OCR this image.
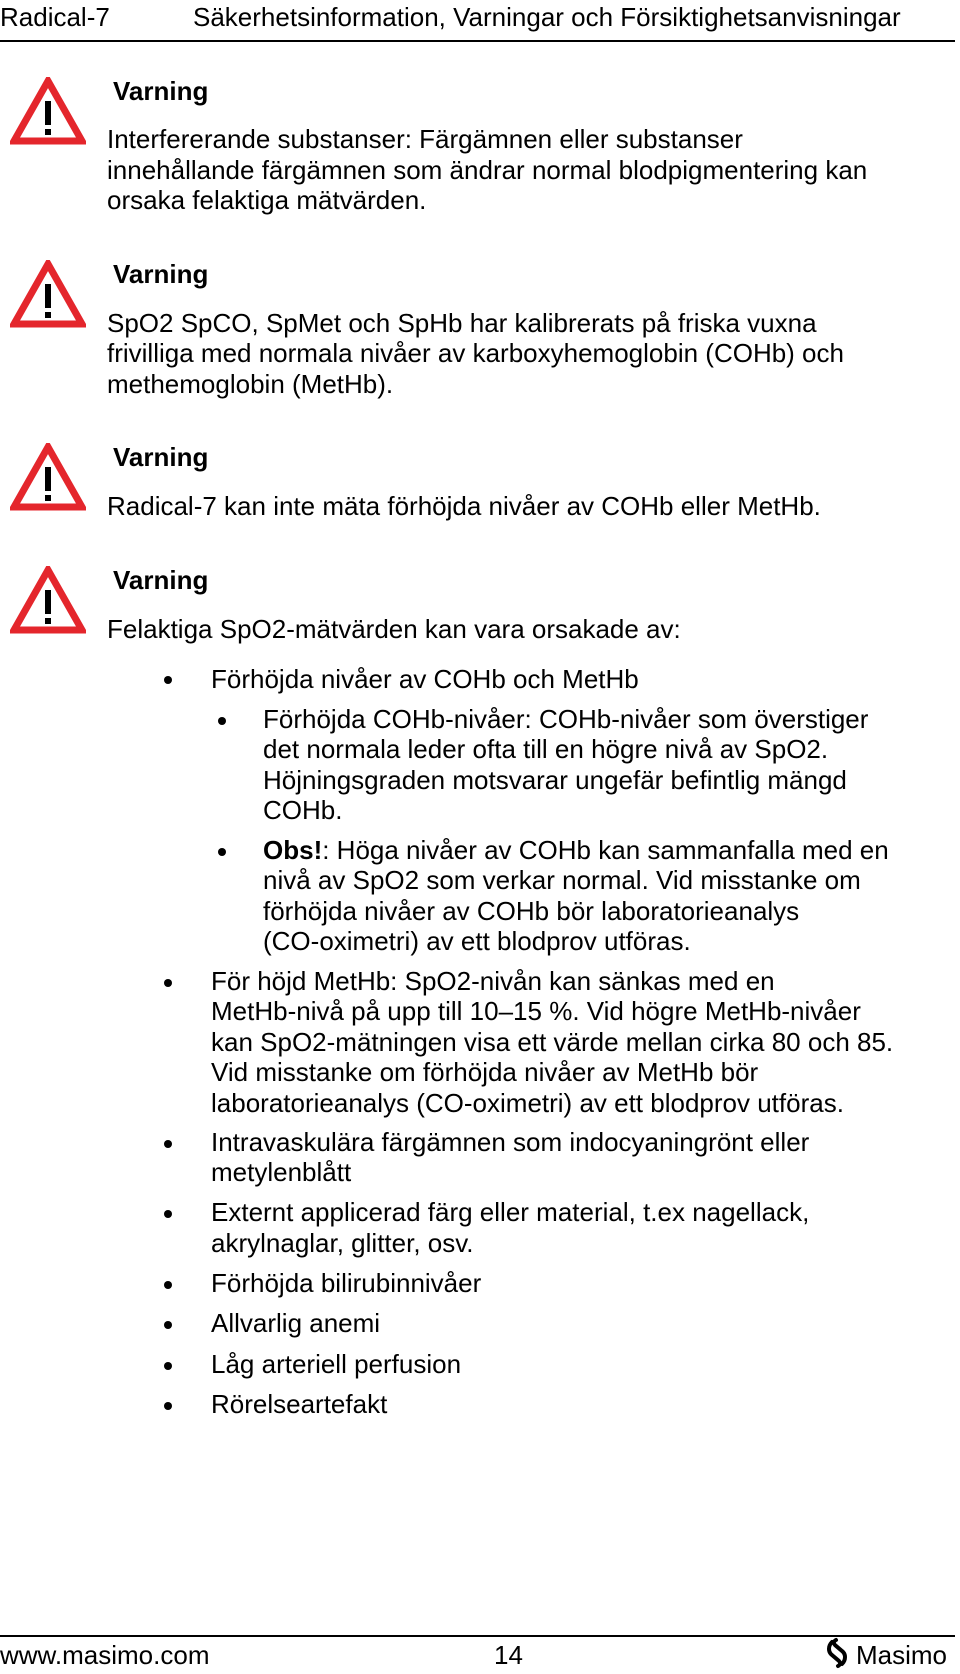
Radical-7	Säkerhetsinformation, Varningar och Försiktighetsanvisningar
Varning
Interfererande substanser: Färgämnen eller substanser
innehållande färgämnen som ändrar normal blodpigmentering kan
orsaka felaktiga mätvärden.
Varning
SpO2 SpCO, SpMet och SpHb har kalibrerats på friska vuxna
frivilliga med normala nivåer av karboxyhemoglobin (COHb) och
methemoglobin (MetHb).
Varning
Radical-7 kan inte mäta förhöjda nivåer av COHb eller MetHb.
Varning
Felaktiga SpO2-mätvärden kan vara orsakade av:
Förhöjda nivåer av COHb och MetHb
Förhöjda COHb-nivåer: COHb-nivåer som överstiger
det normala leder ofta till en högre nivå av SpO2.
Höjningsgraden motsvarar ungefär befintlig mängd
COHb.
Obs!: Höga nivåer av COHb kan sammanfalla med en
nivå av SpO2 som verkar normal. Vid misstanke om
förhöjda nivåer av COHb bör laboratorieanalys
(CO-oximetri) av ett blodprov utföras.
För höjd MetHb: SpO2-nivån kan sänkas med en
MetHb-nivå på upp till 10–15 %. Vid högre MetHb-nivåer
kan SpO2-mätningen visa ett värde mellan cirka 80 och 85.
Vid misstanke om förhöjda nivåer av MetHb bör
laboratorieanalys (CO-oximetri) av ett blodprov utföras.
Intravaskulära färgämnen som indocyaningrönt eller
metylenblått
Externt applicerad färg eller material, t.ex nagellack,
akrylnaglar, glitter, osv.
Förhöjda bilirubinnivåer
Allvarlig anemi
Låg arteriell perfusion
Rörelseartefakt
www.masimo.com	14	Masimo
